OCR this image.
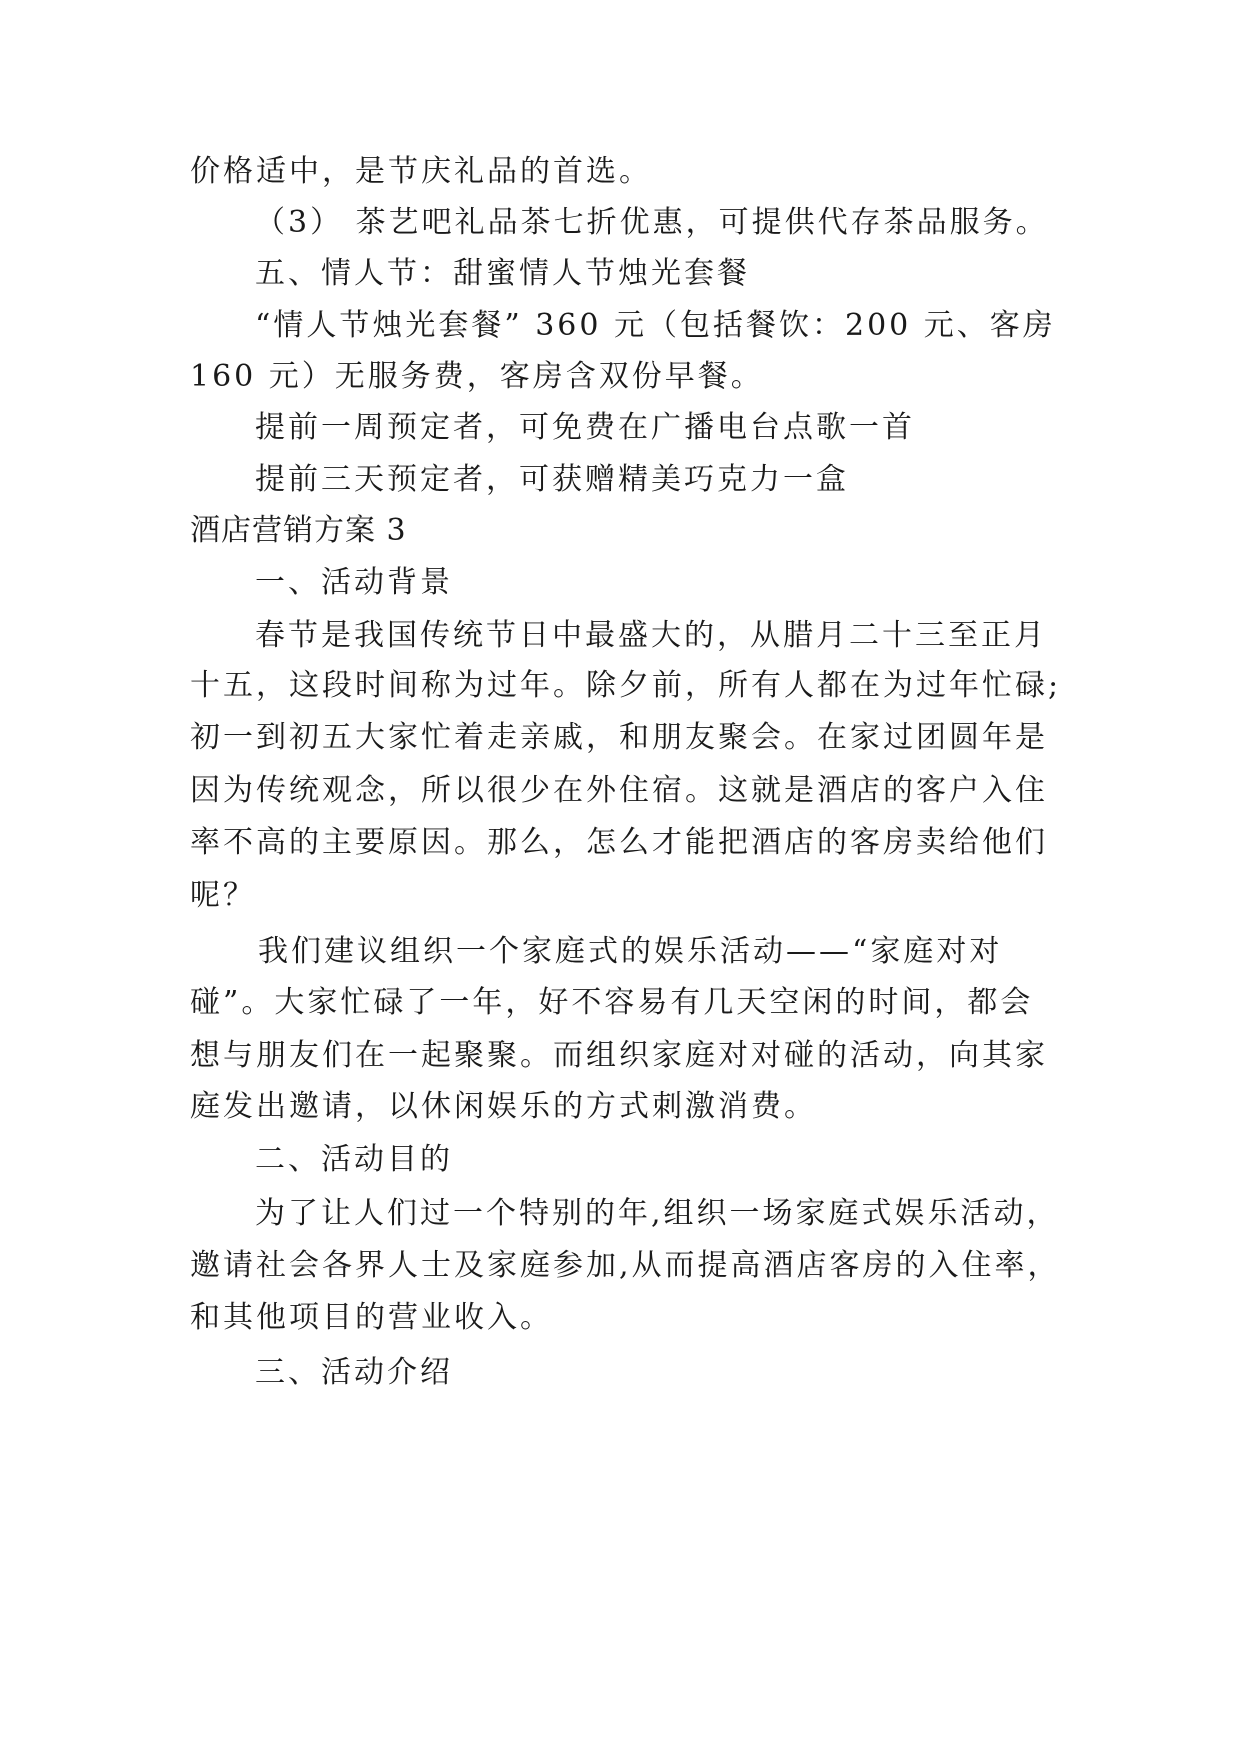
价格适中，是节庆礼品的首选。
（3） 茶艺吧礼品茶七折优惠，可提供代存茶品服务。
五、情人节：甜蜜情人节烛光套餐
“情人节烛光套餐” 360 元（包括餐饮：200 元、客房
160 元）无服务费，客房含双份早餐。
提前一周预定者，可免费在广播电台点歌一首
提前三天预定者，可获赠精美巧克力一盒
酒店营销方案 3
一、活动背景
春节是我国传统节日中最盛大的，从腊月二十三至正月
十五，这段时间称为过年。除夕前，所有人都在为过年忙碌;
初一到初五大家忙着走亲戚，和朋友聚会。在家过团圆年是
因为传统观念，所以很少在外住宿。这就是酒店的客户入住
率不高的主要原因。那么，怎么才能把酒店的客房卖给他们
呢？
我们建议组织一个家庭式的娱乐活动——“家庭对对
碰”。大家忙碌了一年，好不容易有几天空闲的时间，都会
想与朋友们在一起聚聚。而组织家庭对对碰的活动，向其家
庭发出邀请，以休闲娱乐的方式刺激消费。
二、活动目的
为了让人们过一个特别的年,组织一场家庭式娱乐活动，
邀请社会各界人士及家庭参加,从而提高酒店客房的入住率，
和其他项目的营业收入。
三、活动介绍
